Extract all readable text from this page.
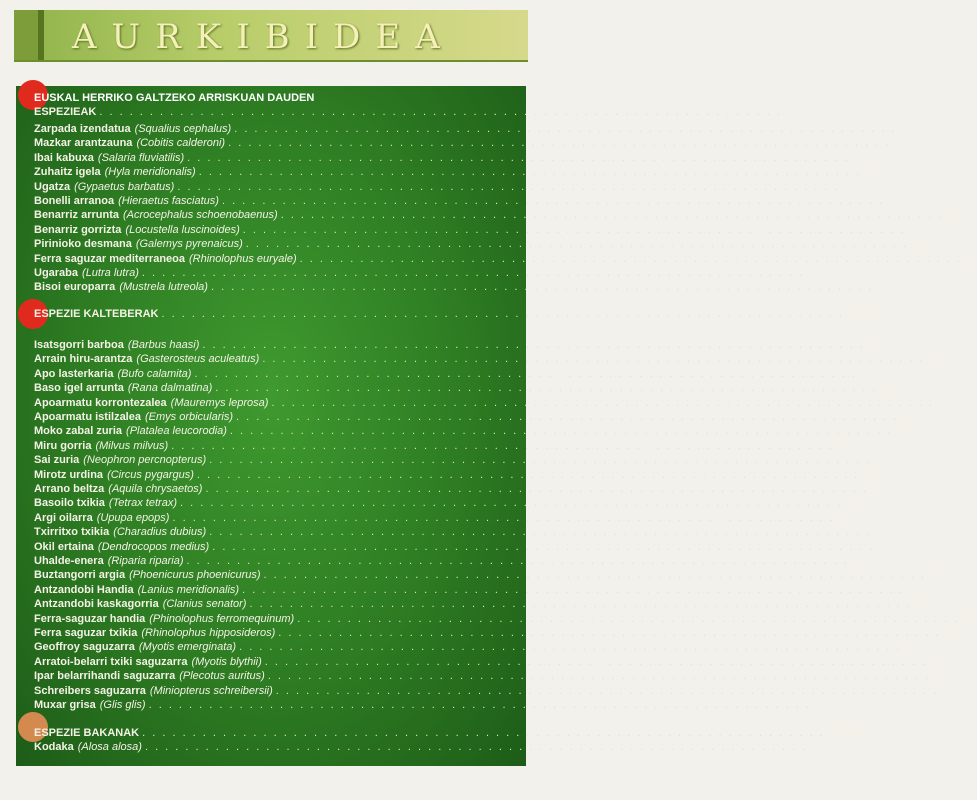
AURKIBIDEA
EUSKAL HERRIKO GALTZEKO ARRISKUAN DAUDEN
ESPEZIEAK . . . . . . . . . . . . . . . . . . . . . . . . . . . . . . . . . . . . . . . . . . . . . . . . . . . . . . . . . . . . . . . . . . . . 2-22
Zarpada izendatua (Squalius cephalus) . . . . . . . . . . . . . . . . . . . . . . . . . . . . . . . . . . . . . . . . . . . . . . . . . . . . . . . . . . . . . . . . . . 4
Mazkar arantzauna (Cobitis calderoni) . . . . . . . . . . . . . . . . . . . . . . . . . . . . . . . . . . . . . . . . . . . . . . . . . . . . . . . . . . . . . . . . . . 6
Ibai kabuxa (Salaria fluviatilis) . . . . . . . . . . . . . . . . . . . . . . . . . . . . . . . . . . . . . . . . . . . . . . . . . . . . . . . . . . . . . . . . . . 8
Zuhaitz igela (Hyla meridionalis) . . . . . . . . . . . . . . . . . . . . . . . . . . . . . . . . . . . . . . . . . . . . . . . . . . . . . . . . . . . . . . . . . . 10
Ugatza (Gypaetus barbatus) . . . . . . . . . . . . . . . . . . . . . . . . . . . . . . . . . . . . . . . . . . . . . . . . . . . . . . . . . . . . . . . . . . 12
Bonelli arranoa (Hieraetus fasciatus) . . . . . . . . . . . . . . . . . . . . . . . . . . . . . . . . . . . . . . . . . . . . . . . . . . . . . . . . . . . . . . . . . . 14
Benarriz arrunta (Acrocephalus schoenobaenus) . . . . . . . . . . . . . . . . . . . . . . . . . . . . . . . . . . . . . . . . . . . . . . . . . . . . . . . . . . . . . . . . . . 16
Benarriz gorrizta (Locustella luscinoides) . . . . . . . . . . . . . . . . . . . . . . . . . . . . . . . . . . . . . . . . . . . . . . . . . . . . . . . . . . . . . . . . . . 17
Pirinioko desmana (Galemys pyrenaicus) . . . . . . . . . . . . . . . . . . . . . . . . . . . . . . . . . . . . . . . . . . . . . . . . . . . . . . . . . . . . . . . . . . 18
Ferra saguzar mediterraneoa (Rhinolophus euryale) . . . . . . . . . . . . . . . . . . . . . . . . . . . . . . . . . . . . . . . . . . . . . . . . . . . . . . . . . . . . . . . . . . 19
Ugaraba (Lutra lutra) . . . . . . . . . . . . . . . . . . . . . . . . . . . . . . . . . . . . . . . . . . . . . . . . . . . . . . . . . . . . . . . . . . 20
Bisoi europarra (Mustrela lutreola) . . . . . . . . . . . . . . . . . . . . . . . . . . . . . . . . . . . . . . . . . . . . . . . . . . . . . . . . . . . . . . . . . . 22
ESPEZIE KALTEBERAK . . . . . . . . . . . . . . . . . . . . . . . . . . . . . . . . . . . . . . . . . . . . . . . . . . . . . . . . . . . . . . . . . . . . 24-62
Isatsgorri barboa (Barbus haasi) . . . . . . . . . . . . . . . . . . . . . . . . . . . . . . . . . . . . . . . . . . . . . . . . . . . . . . . . . . . . . . . . . . 24
Arrain hiru-arantza (Gasterosteus aculeatus) . . . . . . . . . . . . . . . . . . . . . . . . . . . . . . . . . . . . . . . . . . . . . . . . . . . . . . . . . . . . . . . . . . 25
Apo lasterkaria (Bufo calamita) . . . . . . . . . . . . . . . . . . . . . . . . . . . . . . . . . . . . . . . . . . . . . . . . . . . . . . . . . . . . . . . . . . 26
Baso igel arrunta (Rana dalmatina) . . . . . . . . . . . . . . . . . . . . . . . . . . . . . . . . . . . . . . . . . . . . . . . . . . . . . . . . . . . . . . . . . . 28
Apoarmatu korrontezalea (Mauremys leprosa) . . . . . . . . . . . . . . . . . . . . . . . . . . . . . . . . . . . . . . . . . . . . . . . . . . . . . . . . . . . . . . . . . . 30
Apoarmatu istilzalea (Emys orbicularis) . . . . . . . . . . . . . . . . . . . . . . . . . . . . . . . . . . . . . . . . . . . . . . . . . . . . . . . . . . . . . . . . . . 32
Moko zabal zuria (Platalea leucorodia) . . . . . . . . . . . . . . . . . . . . . . . . . . . . . . . . . . . . . . . . . . . . . . . . . . . . . . . . . . . . . . . . . . 34
Miru gorria (Milvus milvus) . . . . . . . . . . . . . . . . . . . . . . . . . . . . . . . . . . . . . . . . . . . . . . . . . . . . . . . . . . . . . . . . . . 36
Sai zuria (Neophron percnopterus) . . . . . . . . . . . . . . . . . . . . . . . . . . . . . . . . . . . . . . . . . . . . . . . . . . . . . . . . . . . . . . . . . . 38
Mirotz urdina (Circus pygargus) . . . . . . . . . . . . . . . . . . . . . . . . . . . . . . . . . . . . . . . . . . . . . . . . . . . . . . . . . . . . . . . . . . 40
Arrano beltza (Aquila chrysaetos) . . . . . . . . . . . . . . . . . . . . . . . . . . . . . . . . . . . . . . . . . . . . . . . . . . . . . . . . . . . . . . . . . . 42
Basoilo txikia (Tetrax tetrax) . . . . . . . . . . . . . . . . . . . . . . . . . . . . . . . . . . . . . . . . . . . . . . . . . . . . . . . . . . . . . . . . . . 44
Argi oilarra (Upupa epops) . . . . . . . . . . . . . . . . . . . . . . . . . . . . . . . . . . . . . . . . . . . . . . . . . . . . . . . . . . . . . . . . . . 45
Txirritxo txikia (Charadius dubius) . . . . . . . . . . . . . . . . . . . . . . . . . . . . . . . . . . . . . . . . . . . . . . . . . . . . . . . . . . . . . . . . . . 46
Okil ertaina (Dendrocopos medius) . . . . . . . . . . . . . . . . . . . . . . . . . . . . . . . . . . . . . . . . . . . . . . . . . . . . . . . . . . . . . . . . . . 47
Uhalde-enera (Riparia riparia) . . . . . . . . . . . . . . . . . . . . . . . . . . . . . . . . . . . . . . . . . . . . . . . . . . . . . . . . . . . . . . . . . . 48
Buztangorri argia (Phoenicurus phoenicurus) . . . . . . . . . . . . . . . . . . . . . . . . . . . . . . . . . . . . . . . . . . . . . . . . . . . . . . . . . . . . . . . . . . 50
Antzandobi Handia (Lanius meridionalis) . . . . . . . . . . . . . . . . . . . . . . . . . . . . . . . . . . . . . . . . . . . . . . . . . . . . . . . . . . . . . . . . . . 52
Antzandobi kaskagorria (Clanius senator) . . . . . . . . . . . . . . . . . . . . . . . . . . . . . . . . . . . . . . . . . . . . . . . . . . . . . . . . . . . . . . . . . . 53
Ferra-saguzar handia (Phinolophus ferromequinum) . . . . . . . . . . . . . . . . . . . . . . . . . . . . . . . . . . . . . . . . . . . . . . . . . . . . . . . . . . . . . . . . . . 54
Ferra saguzar txikia (Rhinolophus hipposideros) . . . . . . . . . . . . . . . . . . . . . . . . . . . . . . . . . . . . . . . . . . . . . . . . . . . . . . . . . . . . . . . . . . 55
Geoffroy saguzarra (Myotis emerginata) . . . . . . . . . . . . . . . . . . . . . . . . . . . . . . . . . . . . . . . . . . . . . . . . . . . . . . . . . . . . . . . . . . 56
Arratoi-belarri txiki saguzarra (Myotis blythii) . . . . . . . . . . . . . . . . . . . . . . . . . . . . . . . . . . . . . . . . . . . . . . . . . . . . . . . . . . . . . . . . . . 57
Ipar belarrihandi saguzarra (Plecotus auritus) . . . . . . . . . . . . . . . . . . . . . . . . . . . . . . . . . . . . . . . . . . . . . . . . . . . . . . . . . . . . . . . . . . 58
Schreibers saguzarra (Miniopterus schreibersii) . . . . . . . . . . . . . . . . . . . . . . . . . . . . . . . . . . . . . . . . . . . . . . . . . . . . . . . . . . . . . . . . . . 60
Muxar grisa (Glis glis) . . . . . . . . . . . . . . . . . . . . . . . . . . . . . . . . . . . . . . . . . . . . . . . . . . . . . . . . . . . . . . . . . . 62
ESPEZIE BAKANAK . . . . . . . . . . . . . . . . . . . . . . . . . . . . . . . . . . . . . . . . . . . . . . . . . . . . . . . . . . . . . . . . . . . . 64-136
Kodaka (Alosa alosa) . . . . . . . . . . . . . . . . . . . . . . . . . . . . . . . . . . . . . . . . . . . . . . . . . . . . . . . . . . . . . . . . . . 64
